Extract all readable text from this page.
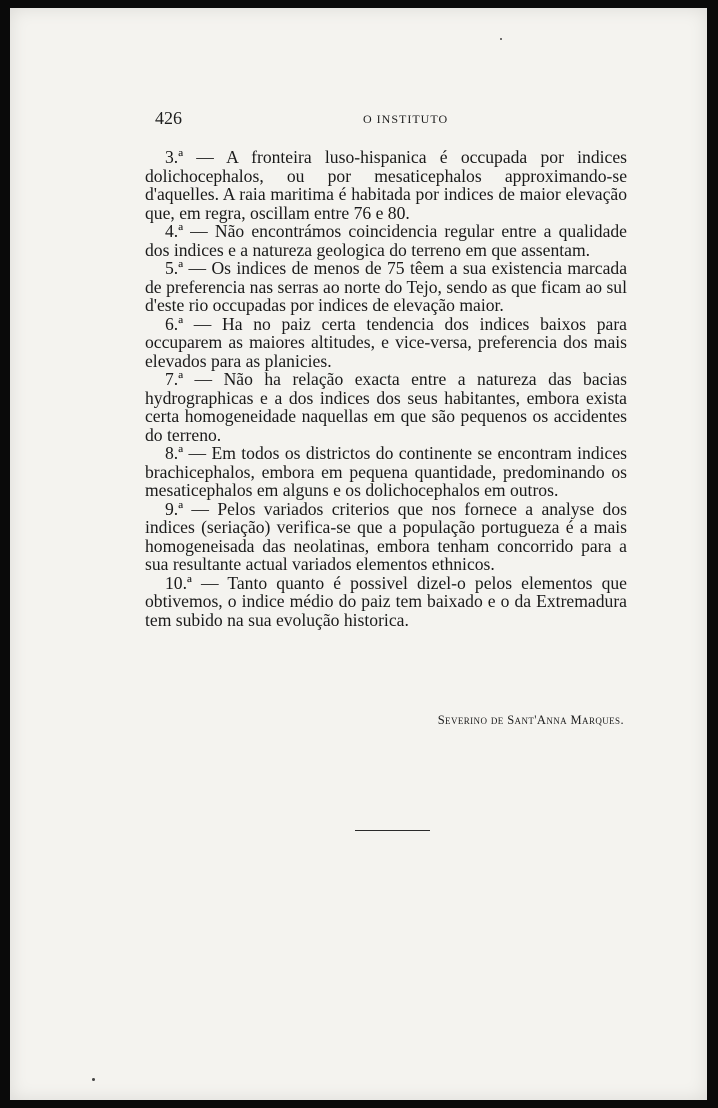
426	O INSTITUTO

3.ª — A fronteira luso-hispanica é occupada por indices dolichocephalos, ou por mesaticephalos approximando-se d'aquelles. A raia maritima é habitada por indices de maior elevação que, em regra, oscillam entre 76 e 80.

4.ª — Não encontrámos coincidencia regular entre a qualidade dos indices e a natureza geologica do terreno em que assentam.

5.ª — Os indices de menos de 75 têem a sua existencia marcada de preferencia nas serras ao norte do Tejo, sendo as que ficam ao sul d'este rio occupadas por indices de elevação maior.

6.ª — Ha no paiz certa tendencia dos indices baixos para occuparem as maiores altitudes, e vice-versa, preferencia dos mais elevados para as planicies.

7.ª — Não ha relação exacta entre a natureza das bacias hydrographicas e a dos indices dos seus habitantes, embora exista certa homogeneidade naquellas em que são pequenos os accidentes do terreno.

8.ª — Em todos os districtos do continente se encontram indices brachicephalos, embora em pequena quantidade, predominando os mesaticephalos em alguns e os dolichocephalos em outros.

9.ª — Pelos variados criterios que nos fornece a analyse dos indices (seriação) verifica-se que a população portugueza é a mais homogeneisada das neolatinas, embora tenham concorrido para a sua resultante actual variados elementos ethnicos.

10.ª — Tanto quanto é possivel dizel-o pelos elementos que obtivemos, o indice médio do paiz tem baixado e o da Extremadura tem subido na sua evolução historica.

Severino de Sant'Anna Marques.
